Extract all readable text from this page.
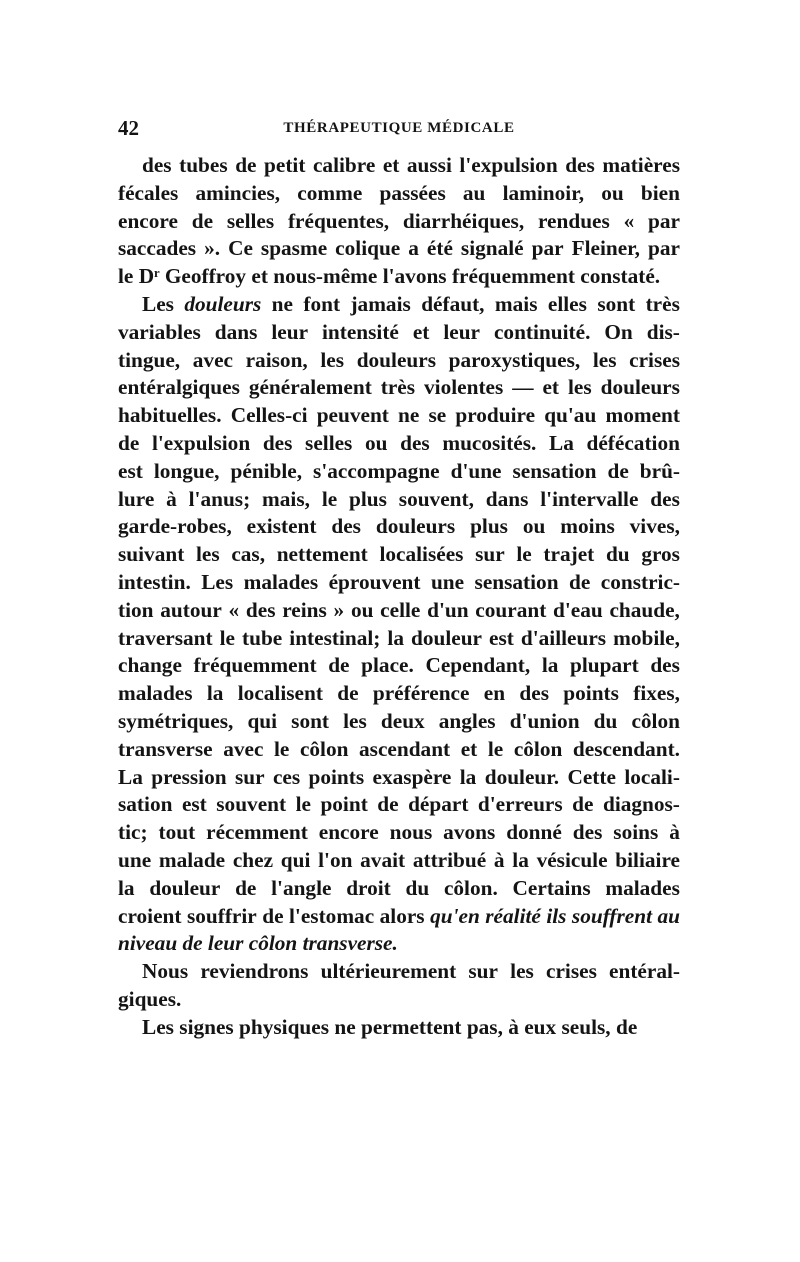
42	THÉRAPEUTIQUE MÉDICALE
des tubes de petit calibre et aussi l'expulsion des matières
fécales amincies, comme passées au laminoir, ou bien
encore de selles fréquentes, diarrhéiques, rendues « par
saccades ». Ce spasme colique a été signalé par Fleiner, par
le Dʳ Geoffroy et nous-même l'avons fréquemment constaté.
Les douleurs ne font jamais défaut, mais elles sont très
variables dans leur intensité et leur continuité. On dis-
tingue, avec raison, les douleurs paroxystiques, les crises
entéralgiques généralement très violentes — et les douleurs
habituelles. Celles-ci peuvent ne se produire qu'au moment
de l'expulsion des selles ou des mucosités. La défécation
est longue, pénible, s'accompagne d'une sensation de brû-
lure à l'anus; mais, le plus souvent, dans l'intervalle des
garde-robes, existent des douleurs plus ou moins vives,
suivant les cas, nettement localisées sur le trajet du gros
intestin. Les malades éprouvent une sensation de constric-
tion autour « des reins » ou celle d'un courant d'eau chaude,
traversant le tube intestinal; la douleur est d'ailleurs mobile,
change fréquemment de place. Cependant, la plupart des
malades la localisent de préférence en des points fixes,
symétriques, qui sont les deux angles d'union du côlon
transverse avec le côlon ascendant et le côlon descendant.
La pression sur ces points exaspère la douleur. Cette locali-
sation est souvent le point de départ d'erreurs de diagnos-
tic; tout récemment encore nous avons donné des soins à
une malade chez qui l'on avait attribué à la vésicule biliaire
la douleur de l'angle droit du côlon. Certains malades
croient souffrir de l'estomac alors qu'en réalité ils souffrent au
niveau de leur côlon transverse.
Nous reviendrons ultérieurement sur les crises entéral-
giques.
Les signes physiques ne permettent pas, à eux seuls, de
